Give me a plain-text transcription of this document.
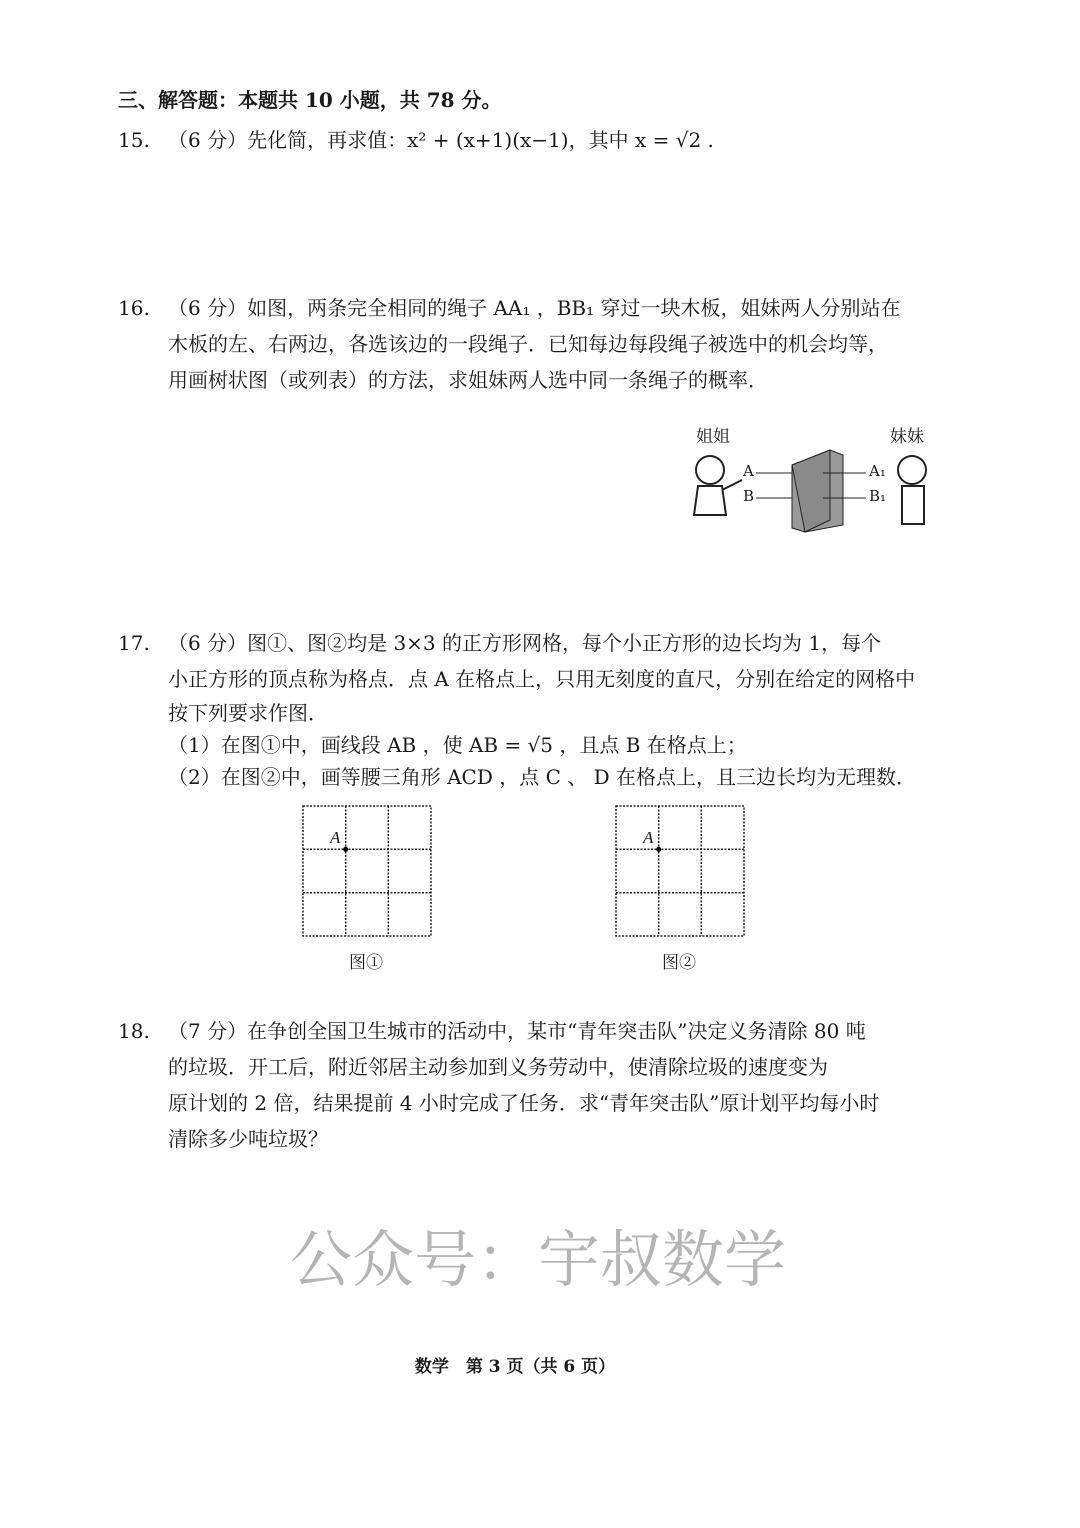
三、解答题：本题共 10 小题，共 78 分。
15. （6 分）先化简，再求值：x² + (x+1)(x−1)，其中 x = √2 .
16. （6 分）如图，两条完全相同的绳子 AA₁ ，BB₁ 穿过一块木板，姐妹两人分别站在
木板的左、右两边，各选该边的一段绳子．已知每边每段绳子被选中的机会均等，
用画树状图（或列表）的方法，求姐妹两人选中同一条绳子的概率．
姐姐	妹妹
A
B
A₁
B₁
17. （6 分）图①、图②均是 3×3 的正方形网格，每个小正方形的边长均为 1，每个
小正方形的顶点称为格点．点 A 在格点上，只用无刻度的直尺，分别在给定的网格中
按下列要求作图．
（1）在图①中，画线段 AB ，使 AB = √5 ，且点 B 在格点上；
（2）在图②中，画等腰三角形 ACD ，点 C 、 D 在格点上，且三边长均为无理数．
A
图①
A
图②
18. （7 分）在争创全国卫生城市的活动中，某市“青年突击队”决定义务清除 80 吨
的垃圾．开工后，附近邻居主动参加到义务劳动中，使清除垃圾的速度变为
原计划的 2 倍，结果提前 4 小时完成了任务．求“青年突击队”原计划平均每小时
清除多少吨垃圾？
公众号：宇叔数学
数学　第 3 页（共 6 页）
